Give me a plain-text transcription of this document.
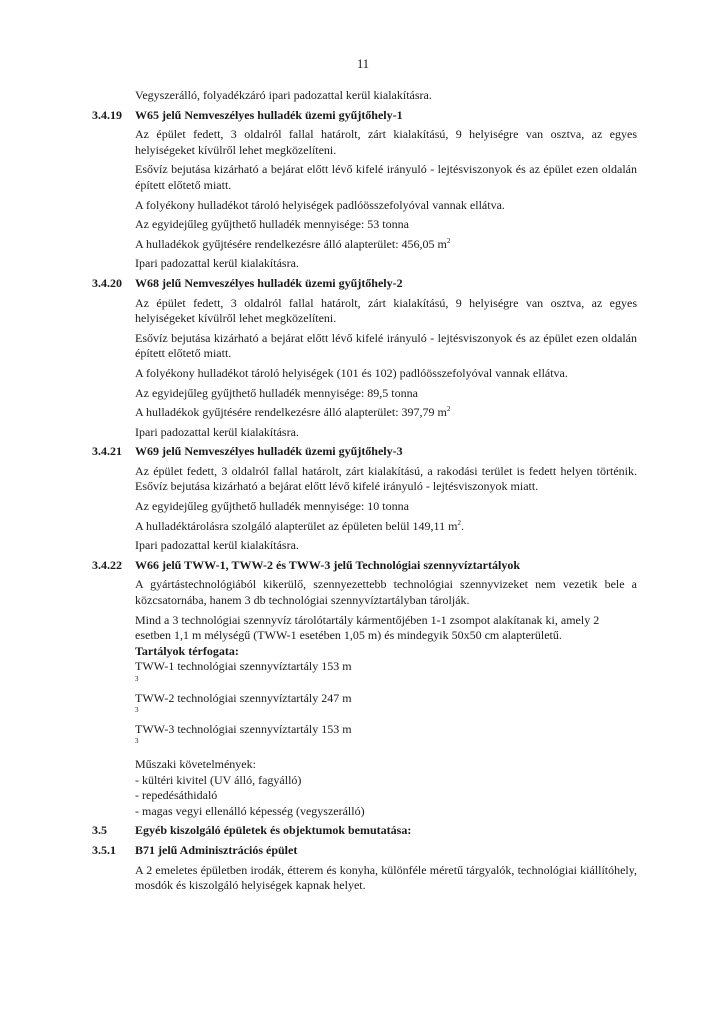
11

Vegyszerálló, folyadékzáró ipari padozattal kerül kialakításra.

3.4.19	W65 jelű Nemveszélyes hulladék üzemi gyűjtőhely-1

Az épület fedett, 3 oldalról fallal határolt, zárt kialakítású, 9 helyiségre van osztva, az egyes helyiségeket kívülről lehet megközelíteni.

Esővíz bejutása kizárható a bejárat előtt lévő kifelé irányuló - lejtésviszonyok és az épület ezen oldalán épített előtető miatt.

A folyékony hulladékot tároló helyiségek padlóösszefolyóval vannak ellátva.

Az egyidejűleg gyűjthető hulladék mennyisége: 53 tonna

A hulladékok gyűjtésére rendelkezésre álló alapterület: 456,05 $m^2$

Ipari padozattal kerül kialakításra.

3.4.20	W68 jelű Nemveszélyes hulladék üzemi gyűjtőhely-2

Az épület fedett, 3 oldalról fallal határolt, zárt kialakítású, 9 helyiségre van osztva, az egyes helyiségeket kívülről lehet megközelíteni.

Esővíz bejutása kizárható a bejárat előtt lévő kifelé irányuló - lejtésviszonyok és az épület ezen oldalán épített előtető miatt.

A folyékony hulladékot tároló helyiségek (101 és 102) padlóösszefolyóval vannak ellátva.

Az egyidejűleg gyűjthető hulladék mennyisége: 89,5 tonna

A hulladékok gyűjtésére rendelkezésre álló alapterület: 397,79 $m^2$

Ipari padozattal kerül kialakításra.

3.4.21	W69 jelű Nemveszélyes hulladék üzemi gyűjtőhely-3

Az épület fedett, 3 oldalról fallal határolt, zárt kialakítású, a rakodási terület is fedett helyen történik. Esővíz bejutása kizárható a bejárat előtt lévő kifelé irányuló - lejtésviszonyok miatt.

Az egyidejűleg gyűjthető hulladék mennyisége: 10 tonna

A hulladéktárolásra szolgáló alapterület az épületen belül 149,11 $m^2$.

Ipari padozattal kerül kialakításra.

3.4.22	W66 jelű TWW-1, TWW-2 és TWW-3 jelű Technológiai szennyvíztartályok

A gyártástechnológiából kikerülő, szennyezettebb technológiai szennyvizeket nem vezetik bele a közcsatornába, hanem 3 db technológiai szennyvíztartályban tárolják.

Mind a 3 technológiai szennyvíz tárolótartály kármentőjében 1-1 zsompot alakítanak ki, amely 2 esetben 1,1 m mélységű (TWW-1 esetében 1,05 m) és mindegyik 50x50 cm alapterületű.

Tartályok térfogata:

TWW-1 technológiai szennyvíztartály 153 m
$^3$
TWW-2 technológiai szennyvíztartály 247 m
$^3$
TWW-3 technológiai szennyvíztartály 153 m
$^3$

Műszaki követelmények:

- kültéri kivitel (UV álló, fagyálló)
- repedésáthidaló
- magas vegyi ellenálló képesség (vegyszerálló)
3.5	Egyéb kiszolgáló épületek és objektumok bemutatása:
3.5.1	B71 jelű Adminisztrációs épület

A 2 emeletes épületben irodák, étterem és konyha, különféle méretű tárgyalók, technológiai kiállítóhely, mosdók és kiszolgáló helyiségek kapnak helyet.
